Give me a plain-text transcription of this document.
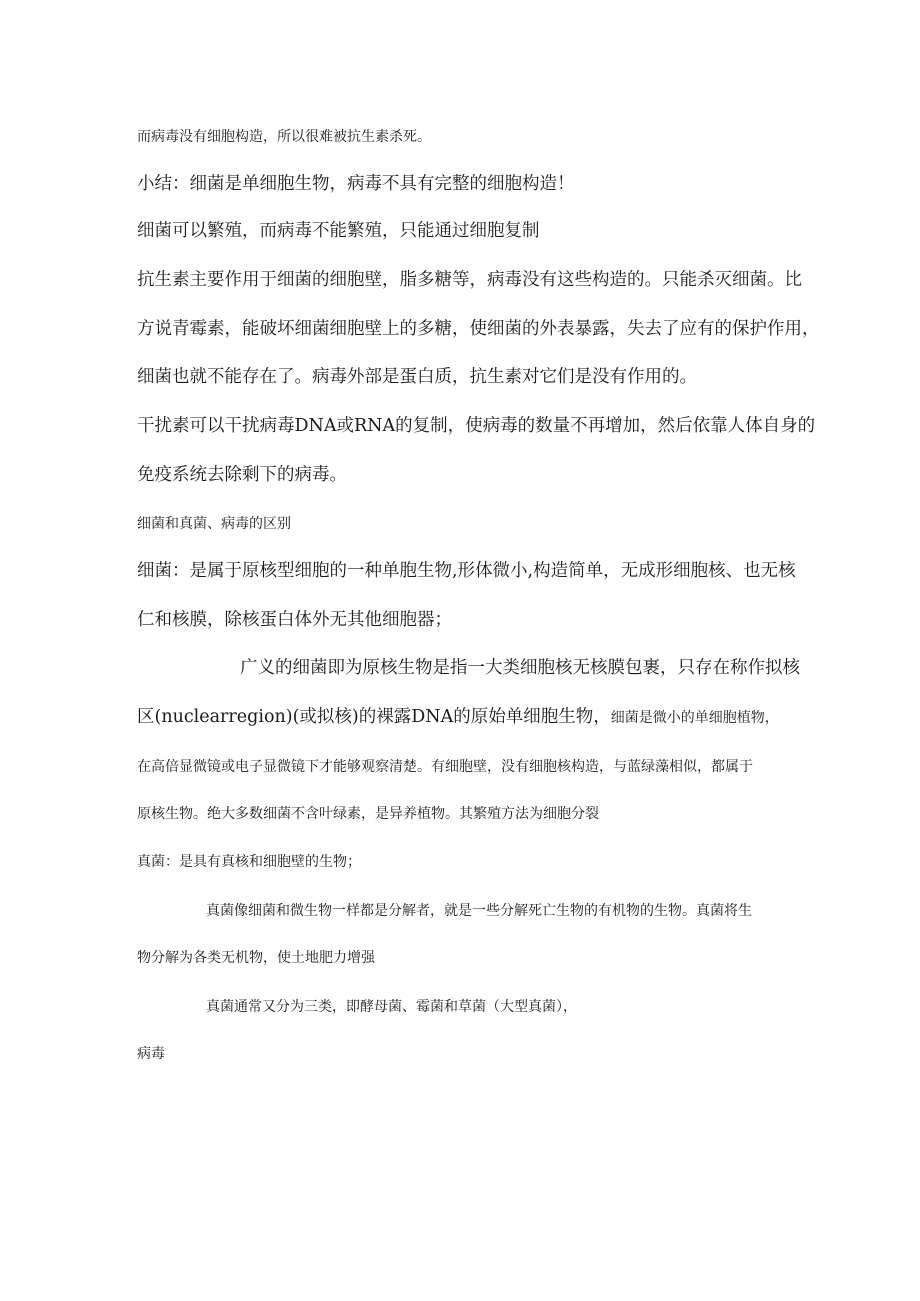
而病毒没有细胞构造，所以很难被抗生素杀死。

小结：细菌是单细胞生物，病毒不具有完整的细胞构造！

细菌可以繁殖，而病毒不能繁殖，只能通过细胞复制

抗生素主要作用于细菌的细胞壁，脂多糖等，病毒没有这些构造的。只能杀灭细菌。比

方说青霉素，能破坏细菌细胞壁上的多糖，使细菌的外表暴露，失去了应有的保护作用，

细菌也就不能存在了。病毒外部是蛋白质，抗生素对它们是没有作用的。

干扰素可以干扰病毒DNA或RNA的复制，使病毒的数量不再增加，然后依靠人体自身的

免疫系统去除剩下的病毒。

细菌和真菌、病毒的区别

细菌：是属于原核型细胞的一种单胞生物,形体微小,构造简单，无成形细胞核、也无核

仁和核膜，除核蛋白体外无其他细胞器；

广义的细菌即为原核生物是指一大类细胞核无核膜包裹，只存在称作拟核

区(nuclearregion)(或拟核)的裸露DNA的原始单细胞生物，细菌是微小的单细胞植物，

在高倍显微镜或电子显微镜下才能够观察清楚。有细胞壁，没有细胞核构造，与蓝绿藻相似，都属于

原核生物。绝大多数细菌不含叶绿素，是异养植物。其繁殖方法为细胞分裂

真菌：是具有真核和细胞壁的生物；

真菌像细菌和微生物一样都是分解者，就是一些分解死亡生物的有机物的生物。真菌将生

物分解为各类无机物，使土地肥力增强

真菌通常又分为三类，即酵母菌、霉菌和草菌（大型真菌），

病毒
